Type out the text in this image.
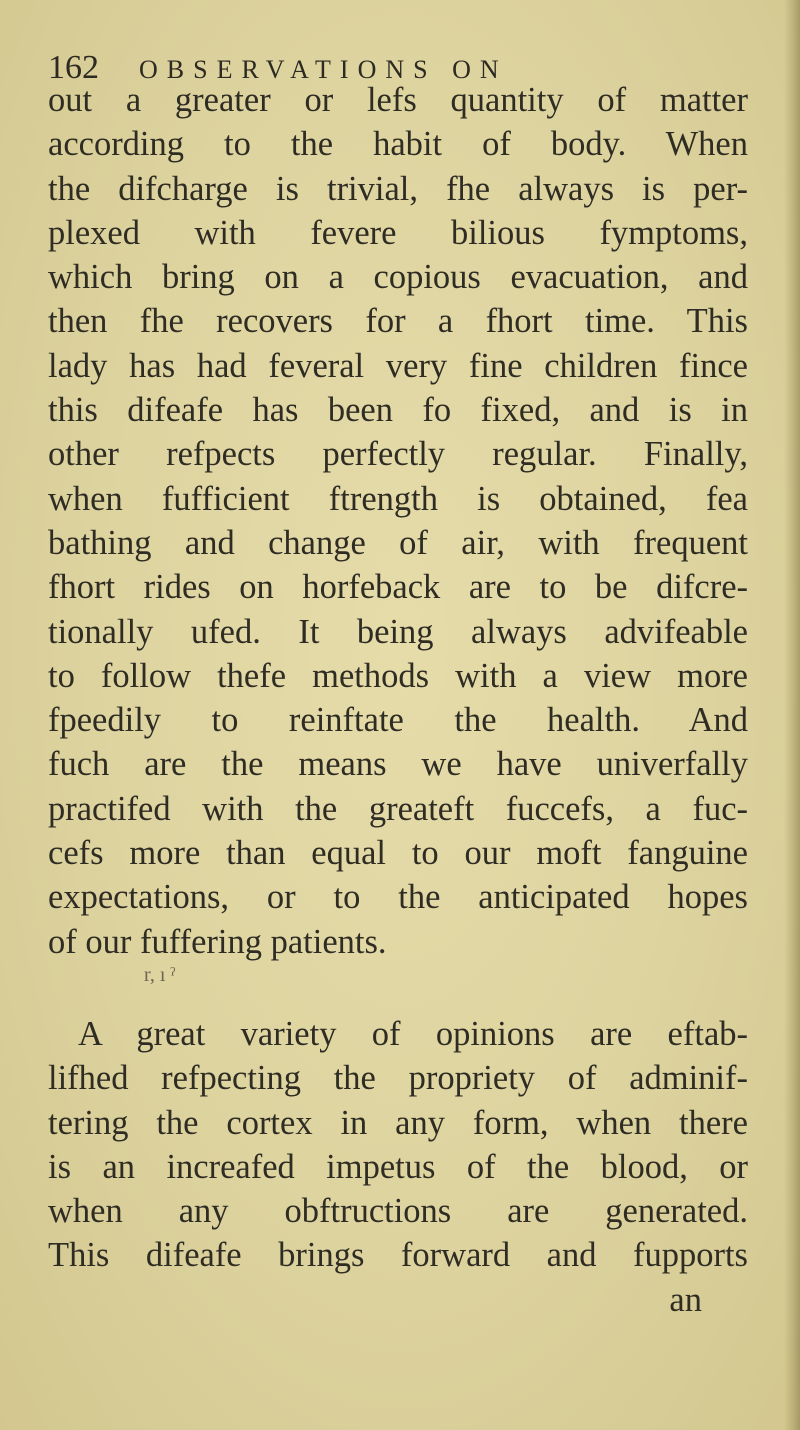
162 OBSERVATIONS ON
out a greater or lefs quantity of matter
according to the habit of body. When
the difcharge is trivial, fhe always is per-
plexed with fevere bilious fymptoms,
which bring on a copious evacuation, and
then fhe recovers for a fhort time. This
lady has had feveral very fine children fince
this difeafe has been fo fixed, and is in
other refpects perfectly regular. Finally,
when fufficient ftrength is obtained, fea
bathing and change of air, with frequent
fhort rides on horfeback are to be difcre-
tionally ufed. It being always advifeable
to follow thefe methods with a view more
fpeedily to reinftate the health. And
fuch are the means we have univerfally
practifed with the greateft fuccefs, a fuc-
cefs more than equal to our moft fanguine
expectations, or to the anticipated hopes
of our fuffering patients.
r, ı ˀ
A great variety of opinions are eftab-
lifhed refpecting the propriety of adminif-
tering the cortex in any form, when there
is an increafed impetus of the blood, or
when any obftructions are generated.
This difeafe brings forward and fupports
an
